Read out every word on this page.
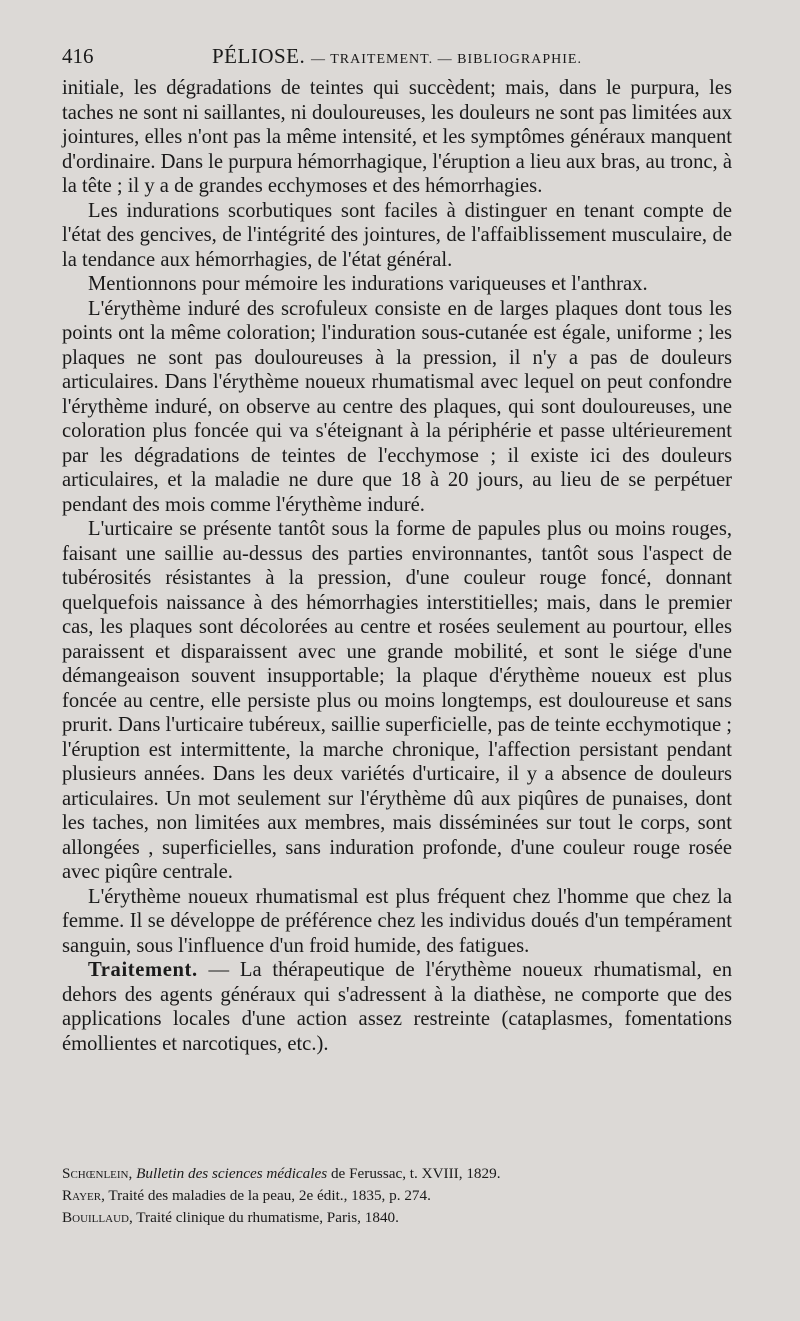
416	PÉLIOSE. — TRAITEMENT. — BIBLIOGRAPHIE.

initiale, les dégradations de teintes qui succèdent; mais, dans le purpura, les taches ne sont ni saillantes, ni douloureuses, les douleurs ne sont pas limitées aux jointures, elles n'ont pas la même intensité, et les symptômes généraux manquent d'ordinaire. Dans le purpura hémorrhagique, l'éruption a lieu aux bras, au tronc, à la tête ; il y a de grandes ecchymoses et des hémorrhagies.

Les indurations scorbutiques sont faciles à distinguer en tenant compte de l'état des gencives, de l'intégrité des jointures, de l'affaiblissement musculaire, de la tendance aux hémorrhagies, de l'état général.

Mentionnons pour mémoire les indurations variqueuses et l'anthrax.

L'érythème induré des scrofuleux consiste en de larges plaques dont tous les points ont la même coloration; l'induration sous-cutanée est égale, uniforme ; les plaques ne sont pas douloureuses à la pression, il n'y a pas de douleurs articulaires. Dans l'érythème noueux rhumatismal avec lequel on peut confondre l'érythème induré, on observe au centre des plaques, qui sont douloureuses, une coloration plus foncée qui va s'éteignant à la périphérie et passe ultérieurement par les dégradations de teintes de l'ecchymose ; il existe ici des douleurs articulaires, et la maladie ne dure que 18 à 20 jours, au lieu de se perpétuer pendant des mois comme l'érythème induré.

L'urticaire se présente tantôt sous la forme de papules plus ou moins rouges, faisant une saillie au-dessus des parties environnantes, tantôt sous l'aspect de tubérosités résistantes à la pression, d'une couleur rouge foncé, donnant quelquefois naissance à des hémorrhagies interstitielles; mais, dans le premier cas, les plaques sont décolorées au centre et rosées seulement au pourtour, elles paraissent et disparaissent avec une grande mobilité, et sont le siége d'une démangeaison souvent insupportable; la plaque d'érythème noueux est plus foncée au centre, elle persiste plus ou moins longtemps, est douloureuse et sans prurit. Dans l'urticaire tubéreux, saillie superficielle, pas de teinte ecchymotique ; l'éruption est intermittente, la marche chronique, l'affection persistant pendant plusieurs années. Dans les deux variétés d'urticaire, il y a absence de douleurs articulaires. Un mot seulement sur l'érythème dû aux piqûres de punaises, dont les taches, non limitées aux membres, mais disséminées sur tout le corps, sont allongées , superficielles, sans induration profonde, d'une couleur rouge rosée avec piqûre centrale.

L'érythème noueux rhumatismal est plus fréquent chez l'homme que chez la femme. Il se développe de préférence chez les individus doués d'un tempérament sanguin, sous l'influence d'un froid humide, des fatigues.

Traitement. — La thérapeutique de l'érythème noueux rhumatismal, en dehors des agents généraux qui s'adressent à la diathèse, ne comporte que des applications locales d'une action assez restreinte (cataplasmes, fomentations émollientes et narcotiques, etc.).

Schœnlein, Bulletin des sciences médicales de Ferussac, t. XVIII, 1829.

Rayer, Traité des maladies de la peau, 2e édit., 1835, p. 274.

Bouillaud, Traité clinique du rhumatisme, Paris, 1840.
